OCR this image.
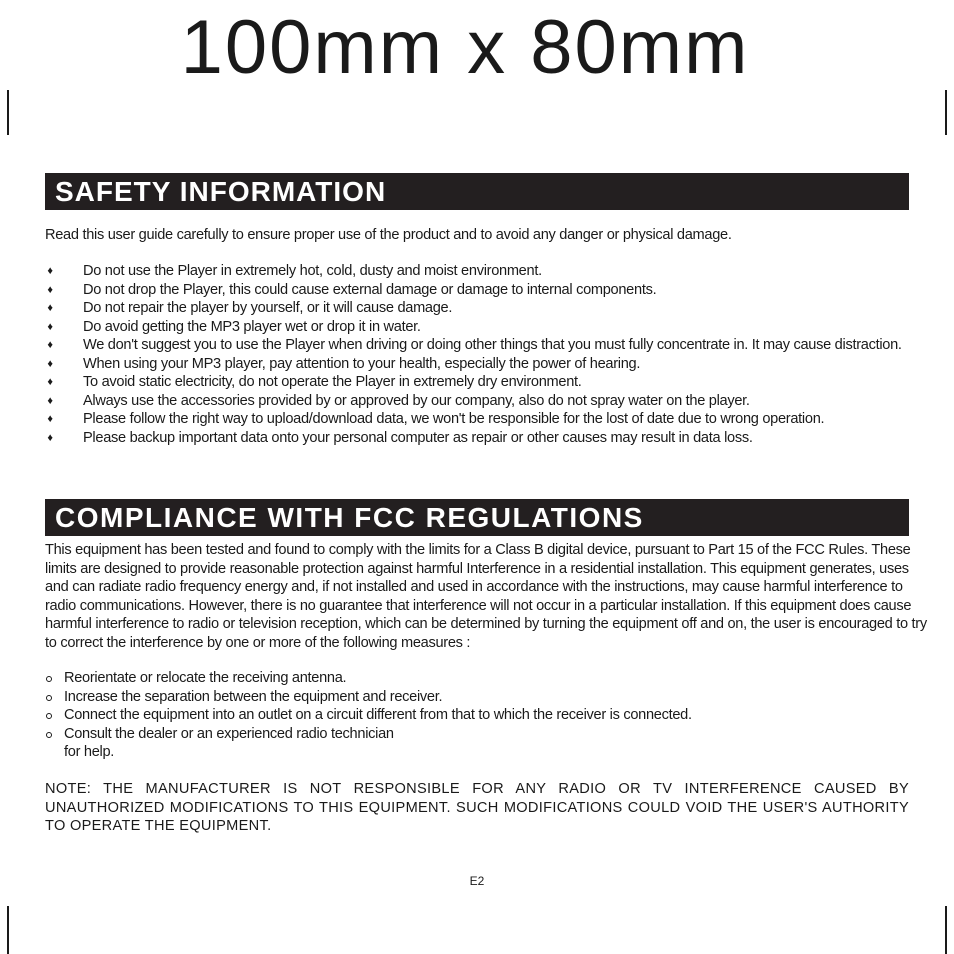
100mm x 80mm
SAFETY INFORMATION
Read this user guide carefully to ensure proper use of the product and to avoid any danger or physical damage.
♦ Do not use the Player in extremely hot, cold, dusty and moist environment.
♦ Do not drop the Player, this could cause external damage or damage to internal components.
♦ Do not repair the player by yourself, or it will cause damage.
♦ Do avoid getting the MP3 player wet or drop it in water.
♦ We don't suggest you to use the Player when driving or doing other things that you must fully concentrate in. It may cause distraction.
♦ When using your MP3 player, pay attention to your health, especially the power of hearing.
♦ To avoid static electricity, do not operate the Player in extremely dry environment.
♦ Always use the accessories provided by or approved by our company, also do not spray water on the player.
♦ Please follow the right way to upload/download data, we won't be responsible for the lost of date due to wrong operation.
♦ Please backup important data onto your personal computer as repair or other causes may result in data loss.
COMPLIANCE WITH FCC REGULATIONS
This equipment has been tested and found to comply with the limits for a Class B digital device, pursuant to Part 15 of the FCC Rules. These limits are designed to provide reasonable protection against harmful Interference in a residential installation. This equipment generates, uses and can radiate radio frequency energy and, if not installed and used in accordance with the instructions, may cause harmful interference to radio communications. However, there is no guarantee that interference will not occur in a particular installation. If this equipment does cause harmful interference to radio or television reception, which can be determined by turning the equipment off and on, the user is encouraged to try to correct the interference by one or more of the following measures :
Reorientate or relocate the receiving antenna.
Increase the separation between the equipment and receiver.
Connect the equipment into an outlet on a circuit different from that to which the receiver is connected.
Consult the dealer or an experienced radio technician
for help.
NOTE: THE MANUFACTURER IS NOT RESPONSIBLE FOR ANY RADIO OR TV INTERFERENCE CAUSED BY UNAUTHORIZED MODIFICATIONS TO THIS EQUIPMENT. SUCH MODIFICATIONS COULD VOID THE USER'S AUTHORITY TO OPERATE THE EQUIPMENT.
E2
